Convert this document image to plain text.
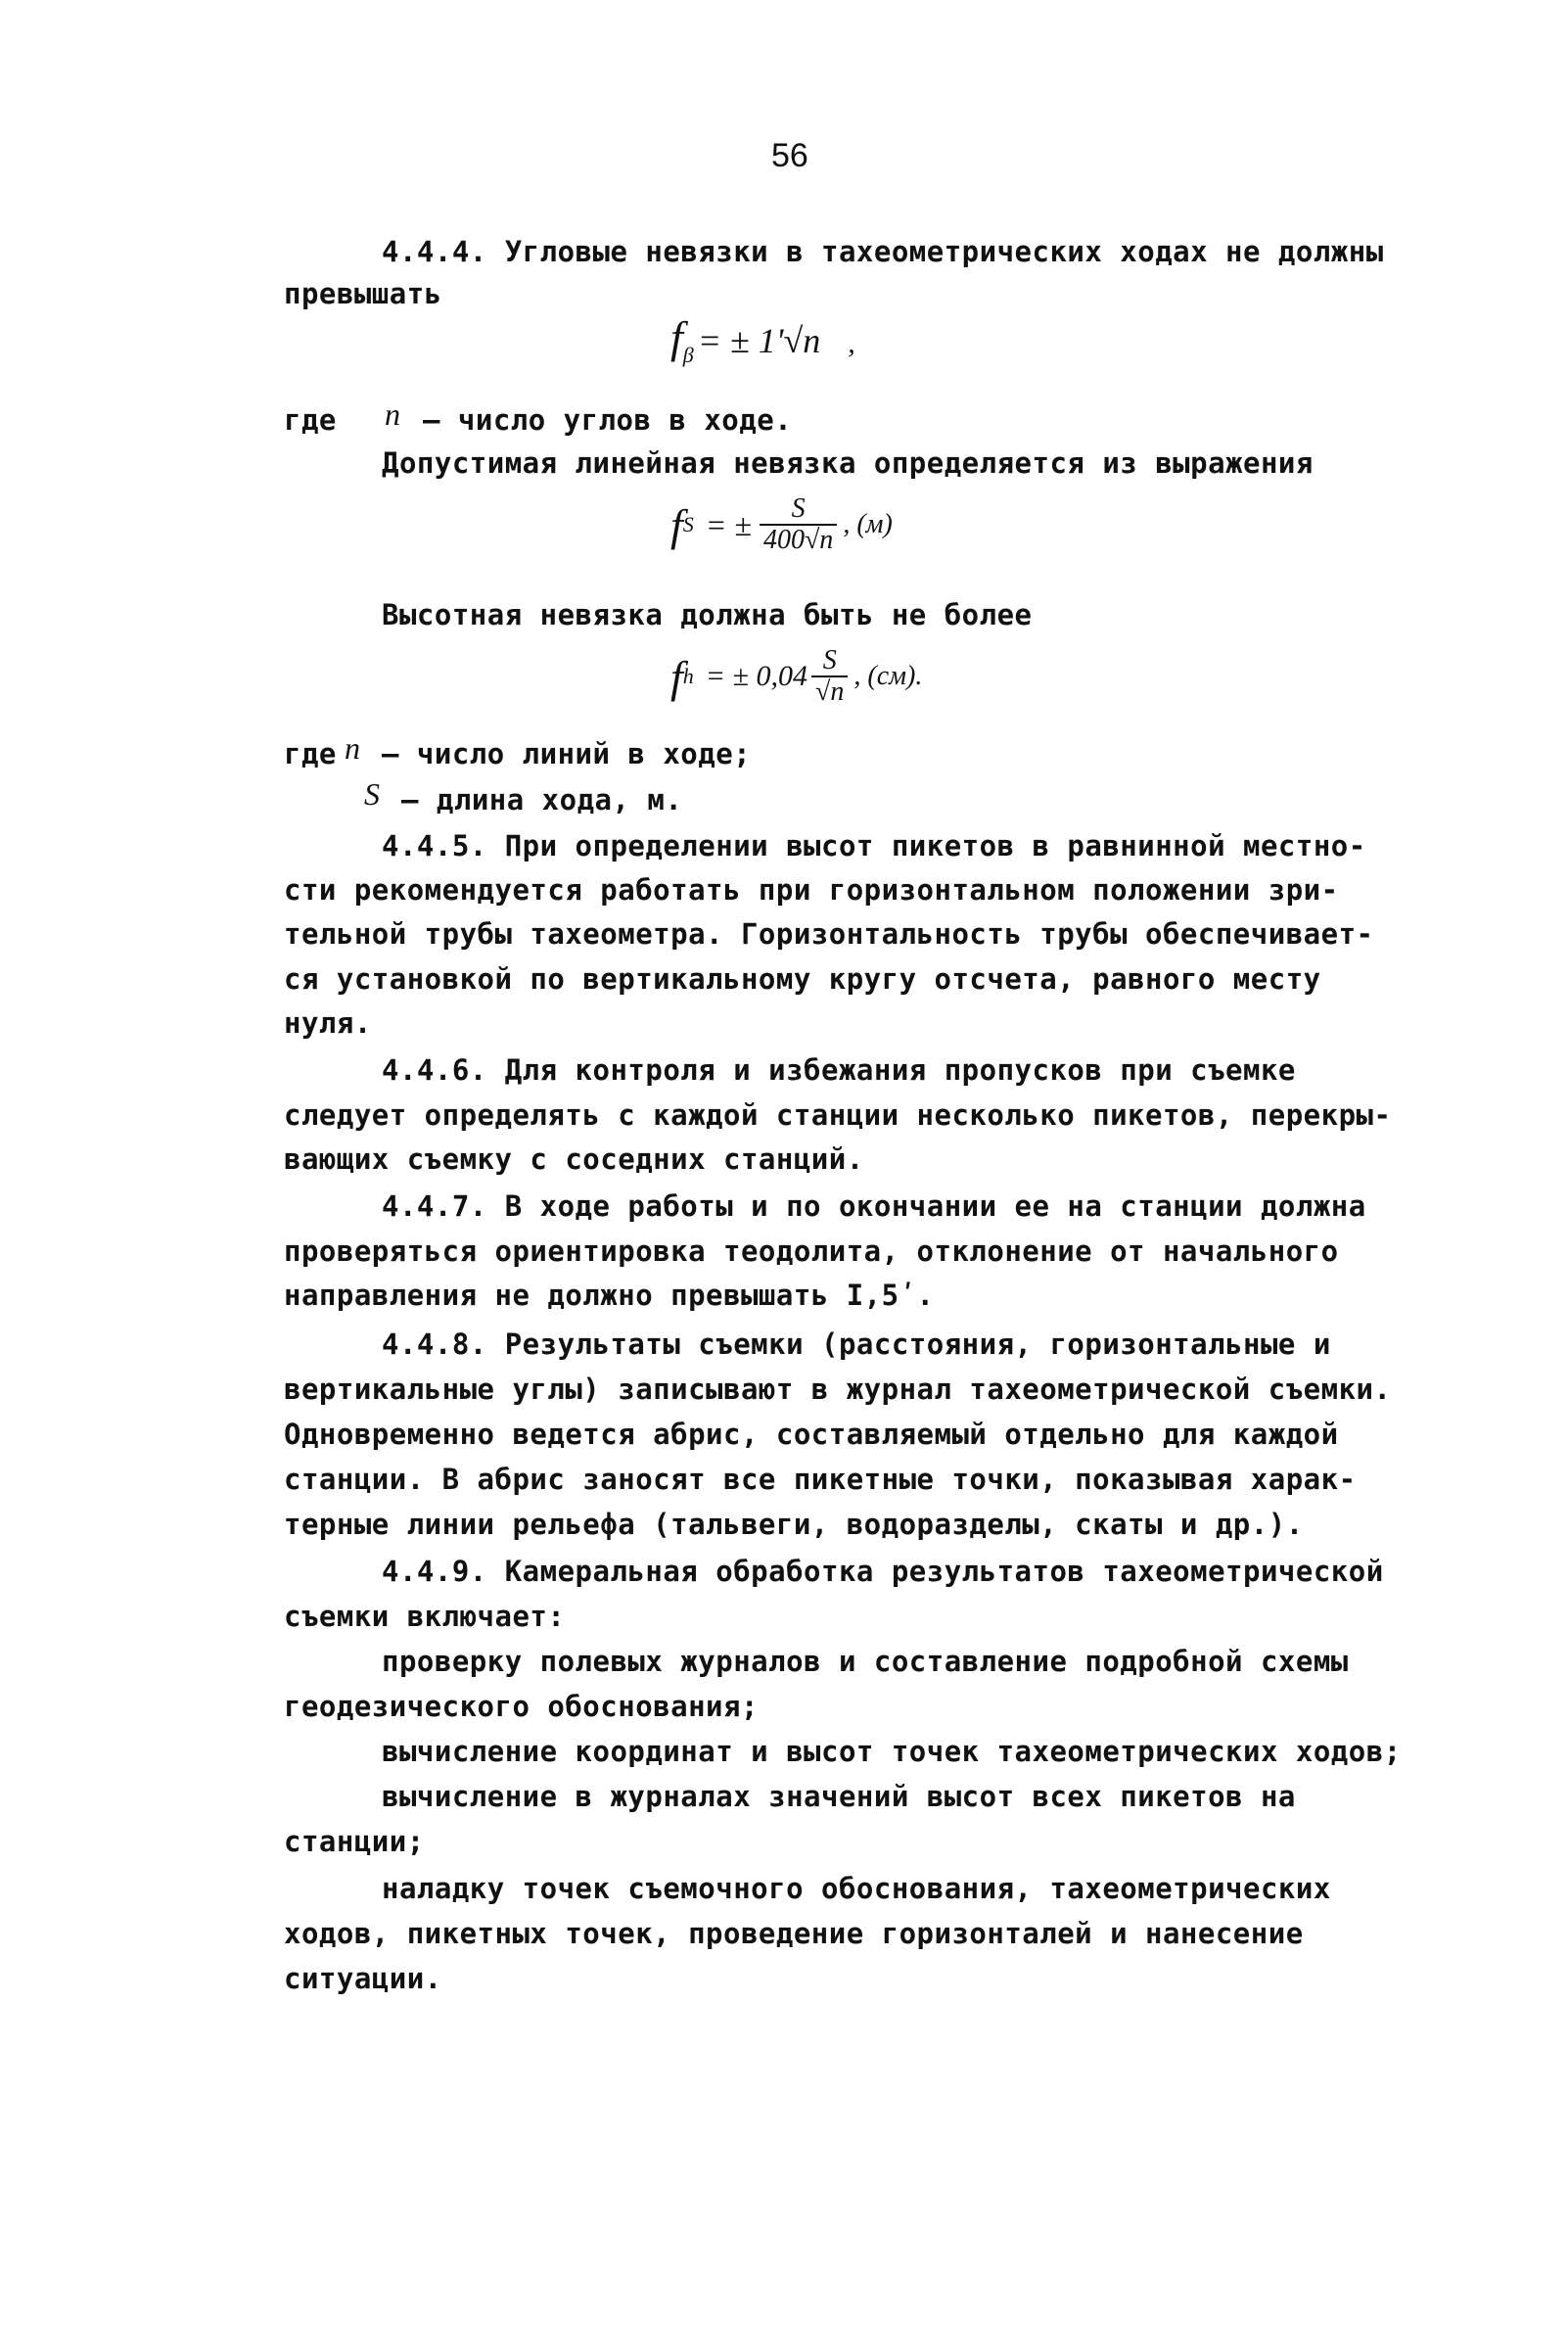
56
4.4.4. Угловые невязки в тахеометрических ходах не должны
превышать
fβ = ± 1ʹ√n ,
где n – число углов в ходе.
Допустимая линейная невязка определяется из выражения
f S = ± $\frac{S}{400√n}$ , (м)
Высотная невязка должна быть не более
f h = ± $0,04 \frac{S}{√n}$ , (см).
где n – число линий в ходе;
S – длина хода, м.
4.4.5. При определении высот пикетов в равнинной местно-
сти рекомендуется работать при горизонтальном положении зри-
тельной трубы тахеометра. Горизонтальность трубы обеспечивает-
ся установкой по вертикальному кругу отсчета, равного месту
нуля.
4.4.6. Для контроля и избежания пропусков при съемке
следует определять с каждой станции несколько пикетов, перекры-
вающих съемку с соседних станций.
4.4.7. В ходе работы и по окончании ее на станции должна
проверяться ориентировка теодолита, отклонение от начального
направления не должно превышать I,5ʹ.
4.4.8. Результаты съемки (расстояния, горизонтальные и
вертикальные углы) записывают в журнал тахеометрической съемки.
Одновременно ведется абрис, составляемый отдельно для каждой
станции. В абрис заносят все пикетные точки, показывая харак-
терные линии рельефа (тальвеги, водоразделы, скаты и др.).
4.4.9. Камеральная обработка результатов тахеометрической
съемки включает:
проверку полевых журналов и составление подробной схемы
геодезического обоснования;
вычисление координат и высот точек тахеометрических ходов;
вычисление в журналах значений высот всех пикетов на
станции;
наладку точек съемочного обоснования, тахеометрических
ходов, пикетных точек, проведение горизонталей и нанесение
ситуации.
